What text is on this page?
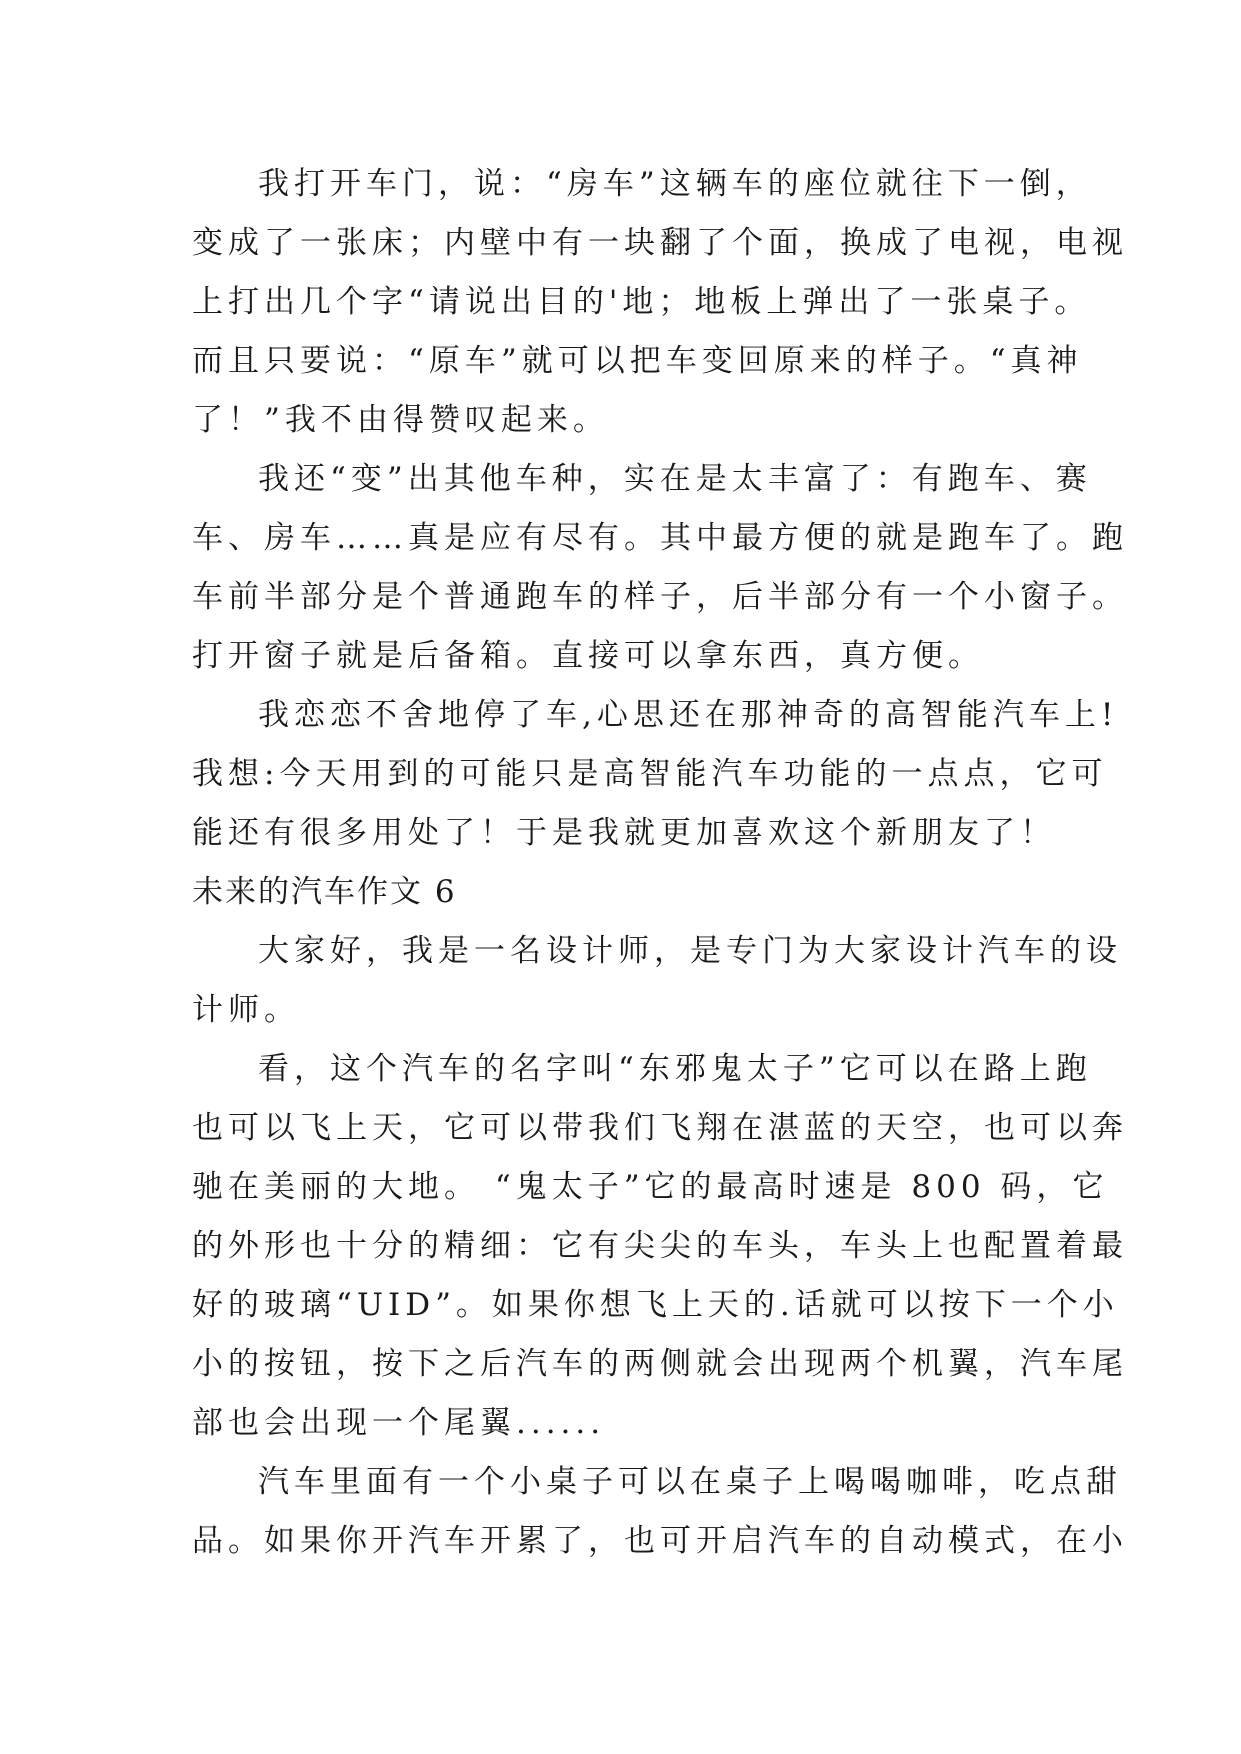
我打开车门，说：“房车”这辆车的座位就往下一倒，
变成了一张床；内壁中有一块翻了个面，换成了电视，电视
上打出几个字“请说出目的'地；地板上弹出了一张桌子。
而且只要说：“原车”就可以把车变回原来的样子。“真神
了！”我不由得赞叹起来。
我还“变”出其他车种，实在是太丰富了：有跑车、赛
车、房车……真是应有尽有。其中最方便的就是跑车了。跑
车前半部分是个普通跑车的样子，后半部分有一个小窗子。
打开窗子就是后备箱。直接可以拿东西，真方便。
我恋恋不舍地停了车,心思还在那神奇的高智能汽车上!
我想:今天用到的可能只是高智能汽车功能的一点点，它可
能还有很多用处了！于是我就更加喜欢这个新朋友了！
未来的汽车作文 6
大家好，我是一名设计师，是专门为大家设计汽车的设
计师。
看，这个汽车的名字叫“东邪鬼太子”它可以在路上跑
也可以飞上天，它可以带我们飞翔在湛蓝的天空，也可以奔
驰在美丽的大地。 “鬼太子”它的最高时速是 800 码，它
的外形也十分的精细：它有尖尖的车头，车头上也配置着最
好的玻璃“UID”。如果你想飞上天的.话就可以按下一个小
小的按钮，按下之后汽车的两侧就会出现两个机翼，汽车尾
部也会出现一个尾翼......
汽车里面有一个小桌子可以在桌子上喝喝咖啡，吃点甜
品。如果你开汽车开累了，也可开启汽车的自动模式，在小
